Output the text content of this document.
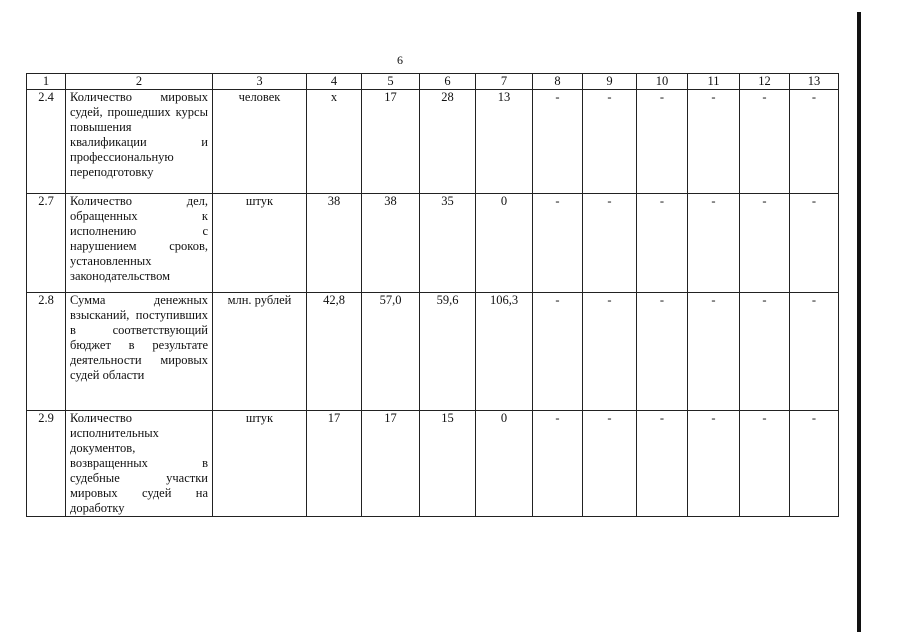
6
1	2	3	4	5	6	7	8	9	10	11	12	13
2.4	Количество мировых судей, прошедших курсы повышения квалификации и профессиональную переподготовку	человек	х	17	28	13	-	-	-	-	-	-
2.7	Количество дел, обращенных к исполнению с нарушением сроков, установленных законодательством	штук	38	38	35	0	-	-	-	-	-	-
2.8	Сумма денежных взысканий, поступивших в соответствующий бюджет в результате деятельности мировых судей области	млн. рублей	42,8	57,0	59,6	106,3	-	-	-	-	-	-
2.9	Количество исполнительных документов, возвращенных в судебные участки мировых судей на доработку	штук	17	17	15	0	-	-	-	-	-	-
